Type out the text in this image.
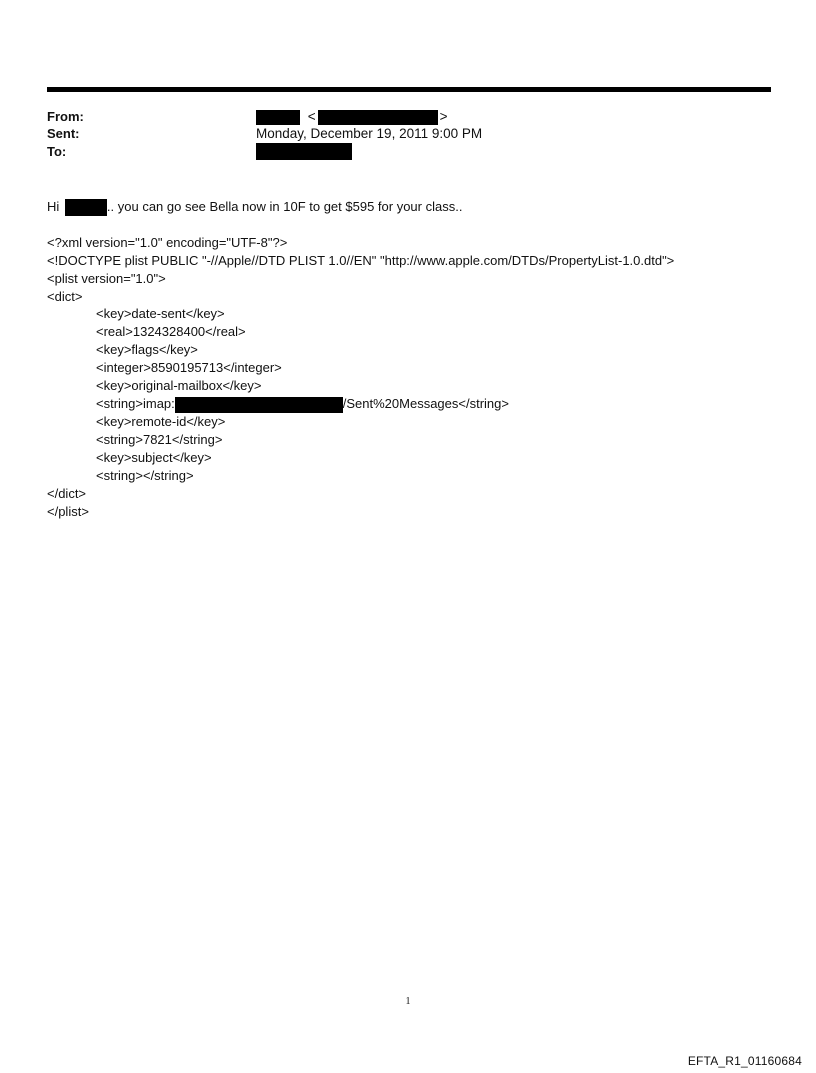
From:	<	>
Sent:	Monday, December 19, 2011 9:00 PM
To:
Hi	.. you can go see Bella now in 10F to get $595 for your class..
<?xml version="1.0" encoding="UTF-8"?>
<!DOCTYPE plist PUBLIC "-//Apple//DTD PLIST 1.0//EN" "http://www.apple.com/DTDs/PropertyList-1.0.dtd">
<plist version="1.0">
<dict>
<key>date-sent</key>
<real>1324328400</real>
<key>flags</key>
<integer>8590195713</integer>
<key>original-mailbox</key>
<string>imap:	/Sent%20Messages</string>
<key>remote-id</key>
<string>7821</string>
<key>subject</key>
<string></string>
</dict>
</plist>
1
EFTA_R1_01160684
